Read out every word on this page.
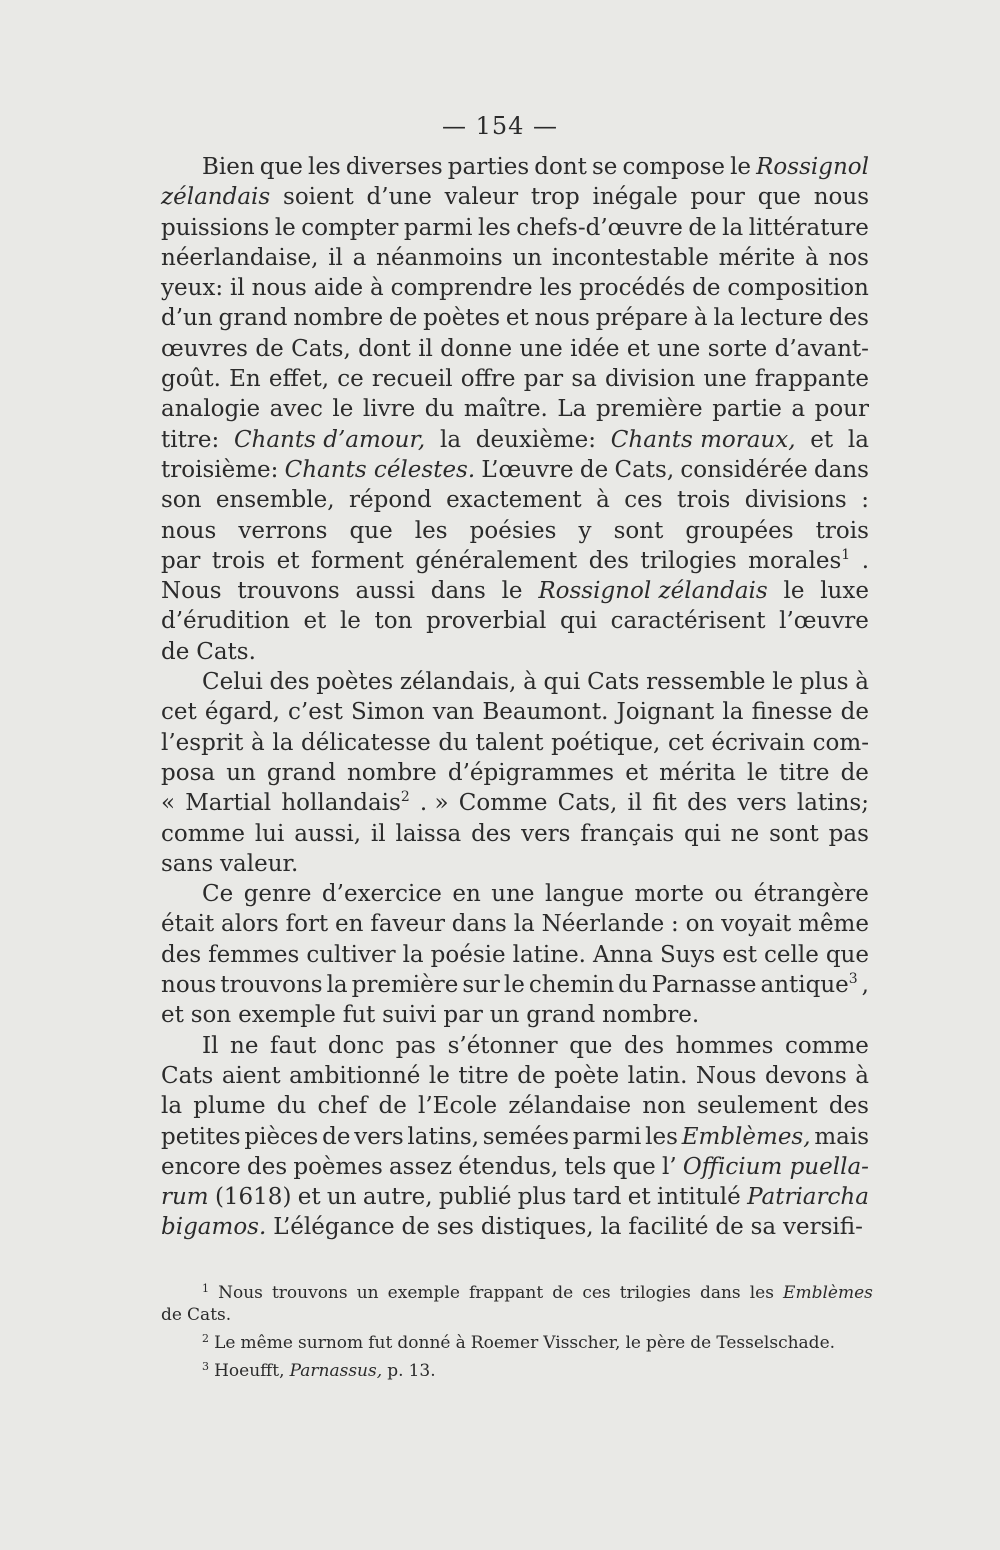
— 154 —
Bien que les diverses parties dont se compose le Rossignol
zélandais soient d’une valeur trop inégale pour que nous
puissions le compter parmi les chefs-d’œuvre de la littérature
néerlandaise, il a néanmoins un incontestable mérite à nos
yeux: il nous aide à comprendre les procédés de composition
d’un grand nombre de poètes et nous prépare à la lecture des
œuvres de Cats, dont il donne une idée et une sorte d’avant-
goût. En effet, ce recueil offre par sa division une frappante
analogie avec le livre du maître. La première partie a pour
titre: Chants d’amour, la deuxième: Chants moraux, et la
troisième: Chants célestes. L’œuvre de Cats, considérée dans
son ensemble, répond exactement à ces trois divisions :
nous verrons que les poésies y sont groupées trois
par trois et forment généralement des trilogies morales$^1$ .
Nous trouvons aussi dans le Rossignol zélandais le luxe
d’érudition et le ton proverbial qui caractérisent l’œuvre
de Cats.
Celui des poètes zélandais, à qui Cats ressemble le plus à
cet égard, c’est Simon van Beaumont. Joignant la finesse de
l’esprit à la délicatesse du talent poétique, cet écrivain com-
posa un grand nombre d’épigrammes et mérita le titre de
« Martial hollandais$^2$ . » Comme Cats, il fit des vers latins;
comme lui aussi, il laissa des vers français qui ne sont pas
sans valeur.
Ce genre d’exercice en une langue morte ou étrangère
était alors fort en faveur dans la Néerlande : on voyait même
des femmes cultiver la poésie latine. Anna Suys est celle que
nous trouvons la première sur le chemin du Parnasse antique$^3$ ,
et son exemple fut suivi par un grand nombre.
Il ne faut donc pas s’étonner que des hommes comme
Cats aient ambitionné le titre de poète latin. Nous devons à
la plume du chef de l’Ecole zélandaise non seulement des
petites pièces de vers latins, semées parmi les Emblèmes, mais
encore des poèmes assez étendus, tels que l’ Officium puella-
rum (1618) et un autre, publié plus tard et intitulé Patriarcha
bigamos. L’élégance de ses distiques, la facilité de sa versifi-
$^1$ Nous trouvons un exemple frappant de ces trilogies dans les Emblèmes
de Cats.
$^2$ Le même surnom fut donné à Roemer Visscher, le père de Tesselschade.
$^3$ Hoeufft, Parnassus, p. 13.
